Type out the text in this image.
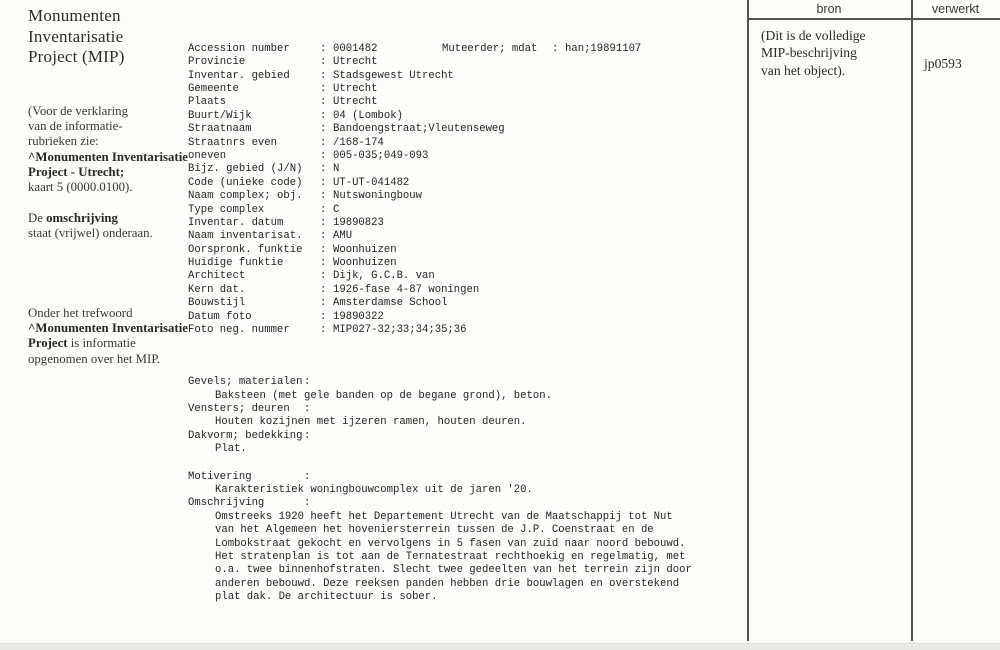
Monumenten
Inventarisatie
Project (MIP)
(Voor de verklaring
van de informatie-
rubrieken zie:
^Monumenten Inventarisatie
Project - Utrecht;
kaart 5 (0000.0100).
De omschrijving
staat (vrijwel) onderaan.
Onder het trefwoord
^Monumenten Inventarisatie
Project is informatie
opgenomen over het MIP.

Accession number	: 0001482	Muteerder; mdat	: han;19891107
Provincie	: Utrecht
Inventar. gebied	: Stadsgewest Utrecht
Gemeente	: Utrecht
Plaats	: Utrecht
Buurt/Wijk	: 04 (Lombok)
Straatnaam	: Bandoengstraat;Vleutenseweg
Straatnrs even	: /168-174
oneven	: 005-035;049-093
Bijz. gebied (J/N)	: N
Code (unieke code)	: UT-UT-041482
Naam complex; obj.	: Nutswoningbouw
Type complex	: C
Inventar. datum	: 19890823
Naam inventarisat.	: AMU
Oorspronk. funktie	: Woonhuizen
Huidige funktie	: Woonhuizen
Architect	: Dijk, G.C.B. van
Kern dat.	: 1926-fase 4-87 woningen
Bouwstijl	: Amsterdamse School
Datum foto	: 19890322
Foto neg. nummer	: MIP027-32;33;34;35;36

Gevels; materialen :
Baksteen (met gele banden op de begane grond), beton.
Vensters; deuren	:
Houten kozijnen met ijzeren ramen, houten deuren.
Dakvorm; bedekking :
Plat.
Motivering	:
Karakteristiek woningbouwcomplex uit de jaren '20.
Omschrijving	:
Omstreeks 1920 heeft het Departement Utrecht van de Maatschappij tot Nut
van het Algemeen het hoveniersterrein tussen de J.P. Coenstraat en de
Lombokstraat gekocht en vervolgens in 5 fasen van zuid naar noord bebouwd.
Het stratenplan is tot aan de Ternatestraat rechthoekig en regelmatig, met
o.a. twee binnenhofstraten. Slecht twee gedeelten van het terrein zijn door
anderen bebouwd. Deze reeksen panden hebben drie bouwlagen en overstekend
plat dak. De architectuur is sober.

bron	verwerkt
(Dit is de volledige
MIP-beschrijving
van het object).	jp0593
